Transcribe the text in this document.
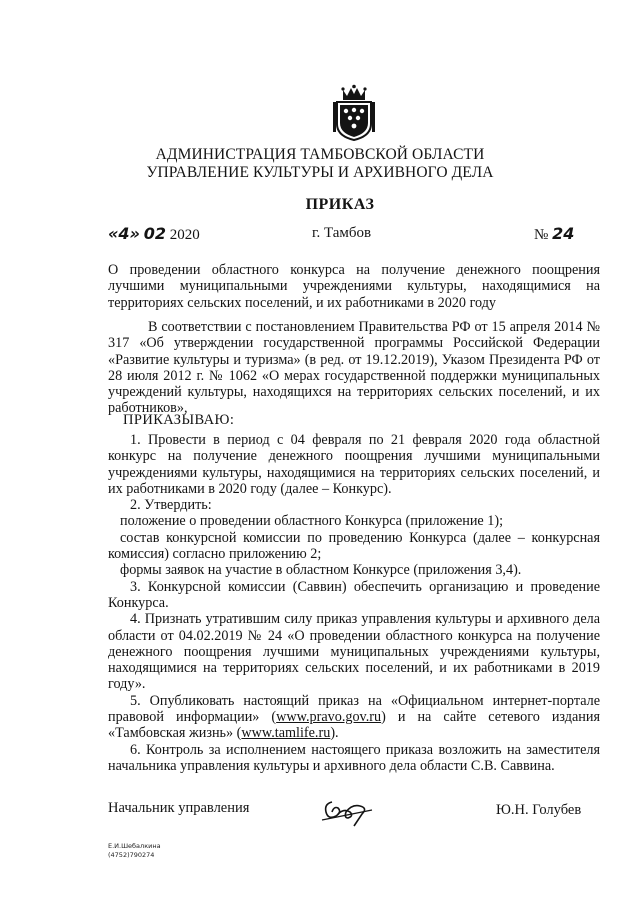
АДМИНИСТРАЦИЯ ТАМБОВСКОЙ ОБЛАСТИ
УПРАВЛЕНИЕ КУЛЬТУРЫ И АРХИВНОГО ДЕЛА
ПРИКАЗ
«4» 02 2020	г. Тамбов	№ 24
О проведении областного конкурса на получение денежного поощрения лучшими муниципальными учреждениями культуры, находящимися на территориях сельских поселений, и их работниками в 2020 году

В соответствии с постановлением Правительства РФ от 15 апреля 2014 № 317 «Об утверждении государственной программы Российской Федерации «Развитие культуры и туризма» (в ред. от 19.12.2019), Указом Президента РФ от 28 июля 2012 г. № 1062 «О мерах государственной поддержки муниципальных учреждений культуры, находящихся на территориях сельских поселений, и их работников»,

ПРИКАЗЫВАЮ:

1. Провести в период с 04 февраля по 21 февраля 2020 года областной конкурс на получение денежного поощрения лучшими муниципальными учреждениями культуры, находящимися на территориях сельских поселений, и их работниками в 2020 году (далее – Конкурс).

2. Утвердить:

положение о проведении областного Конкурса (приложение 1);

состав конкурсной комиссии по проведению Конкурса (далее – конкурсная комиссия) согласно приложению 2;

формы заявок на участие в областном Конкурсе (приложения 3,4).

3. Конкурсной комиссии (Саввин) обеспечить организацию и проведение Конкурса.

4. Признать утратившим силу приказ управления культуры и архивного дела области от 04.02.2019 № 24 «О проведении областного конкурса на получение денежного поощрения лучшими муниципальных учреждениями культуры, находящимися на территориях сельских поселений, и их работниками в 2019 году».

5. Опубликовать настоящий приказ на «Официальном интернет-портале правовой информации» (www.pravo.gov.ru) и на сайте сетевого издания «Тамбовская жизнь» (www.tamlife.ru).

6. Контроль за исполнением настоящего приказа возложить на заместителя начальника управления культуры и архивного дела области С.В. Саввина.

Начальник управления	Ю.Н. Голубев
Е.И.Шебалкина
(4752)790274
